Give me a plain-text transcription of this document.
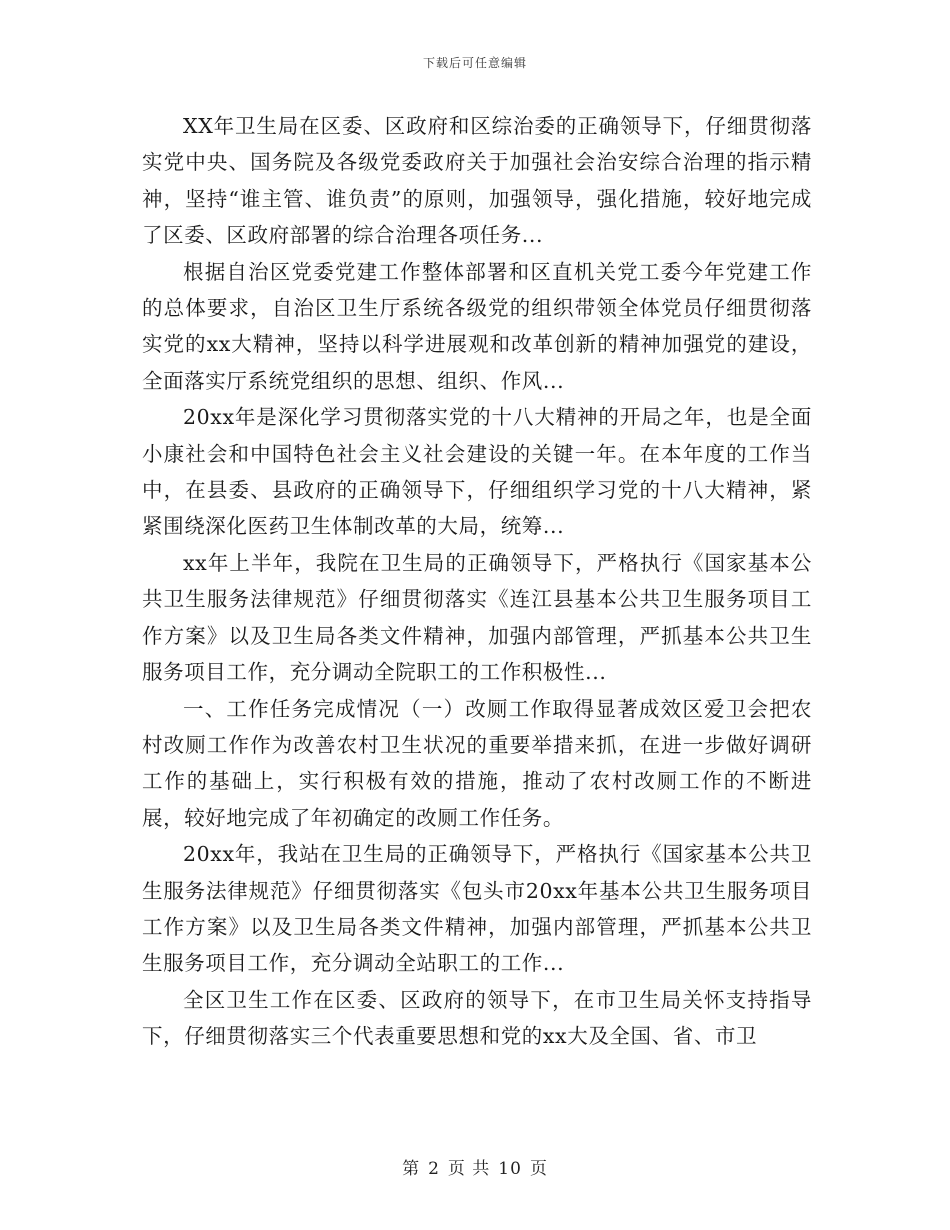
下载后可任意编辑

XX年卫生局在区委、区政府和区综治委的正确领导下，仔细贯彻落实党中央、国务院及各级党委政府关于加强社会治安综合治理的指示精神，坚持“谁主管、谁负责”的原则，加强领导，强化措施，较好地完成了区委、区政府部署的综合治理各项任务...

根据自治区党委党建工作整体部署和区直机关党工委今年党建工作的总体要求，自治区卫生厅系统各级党的组织带领全体党员仔细贯彻落实党的xx大精神，坚持以科学进展观和改革创新的精神加强党的建设，全面落实厅系统党组织的思想、组织、作风...

20xx年是深化学习贯彻落实党的十八大精神的开局之年，也是全面小康社会和中国特色社会主义社会建设的关键一年。在本年度的工作当中，在县委、县政府的正确领导下，仔细组织学习党的十八大精神，紧紧围绕深化医药卫生体制改革的大局，统筹...

xx年上半年，我院在卫生局的正确领导下，严格执行《国家基本公共卫生服务法律规范》仔细贯彻落实《连江县基本公共卫生服务项目工作方案》以及卫生局各类文件精神，加强内部管理，严抓基本公共卫生服务项目工作，充分调动全院职工的工作积极性...

一、工作任务完成情况（一）改厕工作取得显著成效区爱卫会把农村改厕工作作为改善农村卫生状况的重要举措来抓，在进一步做好调研工作的基础上，实行积极有效的措施，推动了农村改厕工作的不断进展，较好地完成了年初确定的改厕工作任务。

20xx年，我站在卫生局的正确领导下，严格执行《国家基本公共卫生服务法律规范》仔细贯彻落实《包头市20xx年基本公共卫生服务项目工作方案》以及卫生局各类文件精神，加强内部管理，严抓基本公共卫生服务项目工作，充分调动全站职工的工作...

全区卫生工作在区委、区政府的领导下，在市卫生局关怀支持指导下，仔细贯彻落实三个代表重要思想和党的xx大及全国、省、市卫

第 2 页 共 10 页
